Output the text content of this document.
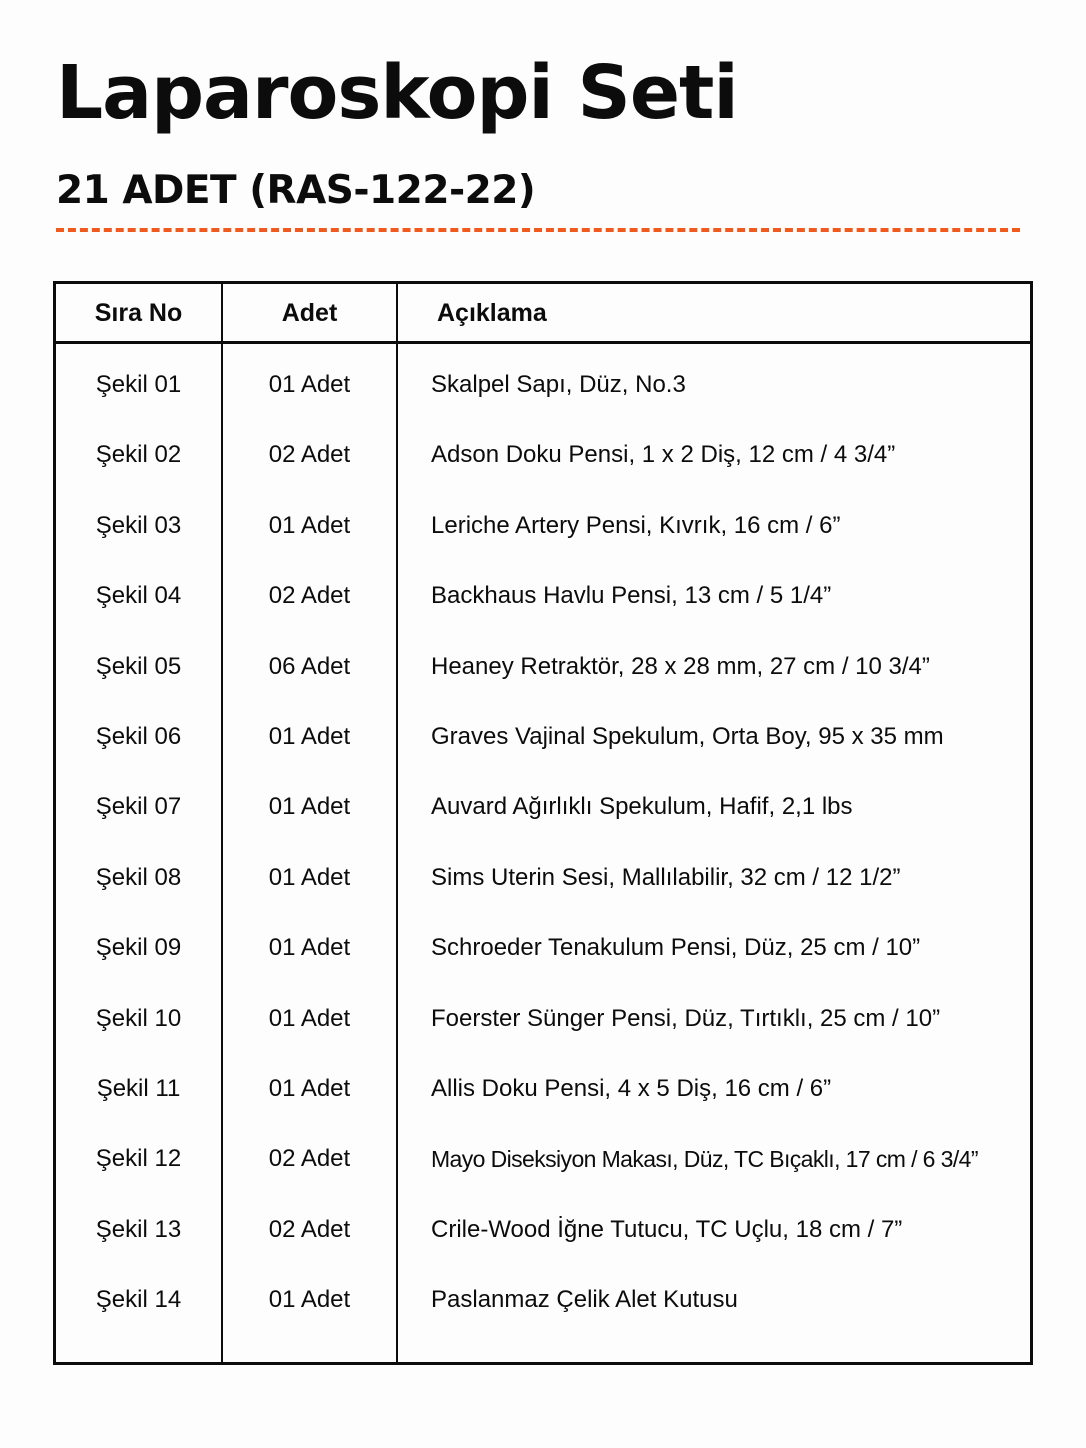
Laparoskopi Seti
21 ADET (RAS-122-22)
Sıra No	Adet	Açıklama
Şekil 01	01 Adet	Skalpel Sapı, Düz, No.3
Şekil 02	02 Adet	Adson Doku Pensi, 1 x 2 Diş, 12 cm / 4 3/4”
Şekil 03	01 Adet	Leriche Artery Pensi, Kıvrık, 16 cm / 6”
Şekil 04	02 Adet	Backhaus Havlu Pensi, 13 cm / 5 1/4”
Şekil 05	06 Adet	Heaney Retraktör, 28 x 28 mm, 27 cm / 10 3/4”
Şekil 06	01 Adet	Graves Vajinal Spekulum, Orta Boy, 95 x 35 mm
Şekil 07	01 Adet	Auvard Ağırlıklı Spekulum, Hafif, 2,1 lbs
Şekil 08	01 Adet	Sims Uterin Sesi, Mallılabilir, 32 cm / 12 1/2”
Şekil 09	01 Adet	Schroeder Tenakulum Pensi, Düz, 25 cm / 10”
Şekil 10	01 Adet	Foerster Sünger Pensi, Düz, Tırtıklı, 25 cm / 10”
Şekil 11	01 Adet	Allis Doku Pensi, 4 x 5 Diş, 16 cm / 6”
Şekil 12	02 Adet	Mayo Diseksiyon Makası, Düz, TC Bıçaklı, 17 cm / 6 3/4”
Şekil 13	02 Adet	Crile-Wood İğne Tutucu, TC Uçlu, 18 cm / 7”
Şekil 14	01 Adet	Paslanmaz Çelik Alet Kutusu
